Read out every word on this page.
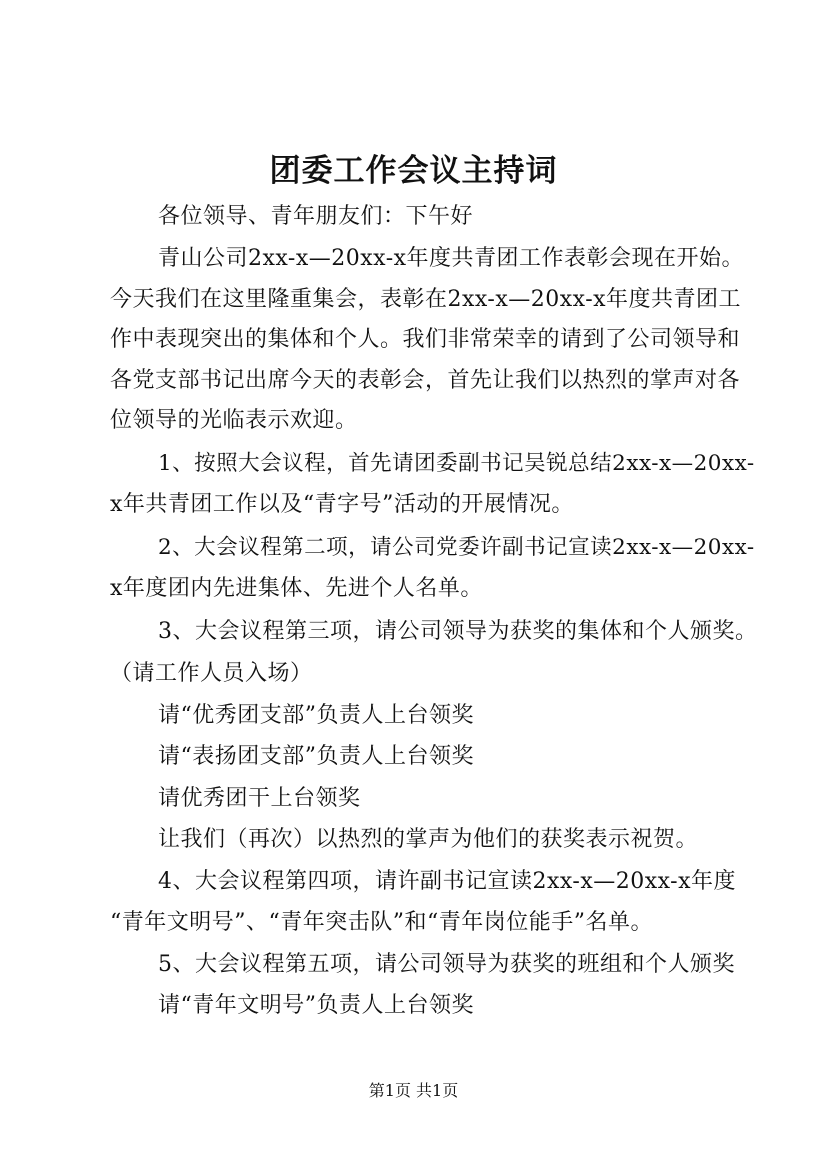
团委工作会议主持词
各位领导、青年朋友们：下午好
青山公司2xx-x—20xx-x年度共青团工作表彰会现在开始。
今天我们在这里隆重集会，表彰在2xx-x—20xx-x年度共青团工
作中表现突出的集体和个人。我们非常荣幸的请到了公司领导和
各党支部书记出席今天的表彰会，首先让我们以热烈的掌声对各
位领导的光临表示欢迎。
1、按照大会议程，首先请团委副书记吴锐总结2xx-x—20xx-
x年共青团工作以及“青字号”活动的开展情况。
2、大会议程第二项，请公司党委许副书记宣读2xx-x—20xx-
x年度团内先进集体、先进个人名单。
3、大会议程第三项，请公司领导为获奖的集体和个人颁奖。
（请工作人员入场）
请“优秀团支部”负责人上台领奖
请“表扬团支部”负责人上台领奖
请优秀团干上台领奖
让我们（再次）以热烈的掌声为他们的获奖表示祝贺。
4、大会议程第四项，请许副书记宣读2xx-x—20xx-x年度
“青年文明号”、“青年突击队”和“青年岗位能手”名单。
5、大会议程第五项，请公司领导为获奖的班组和个人颁奖
请“青年文明号”负责人上台领奖
第1页 共1页
